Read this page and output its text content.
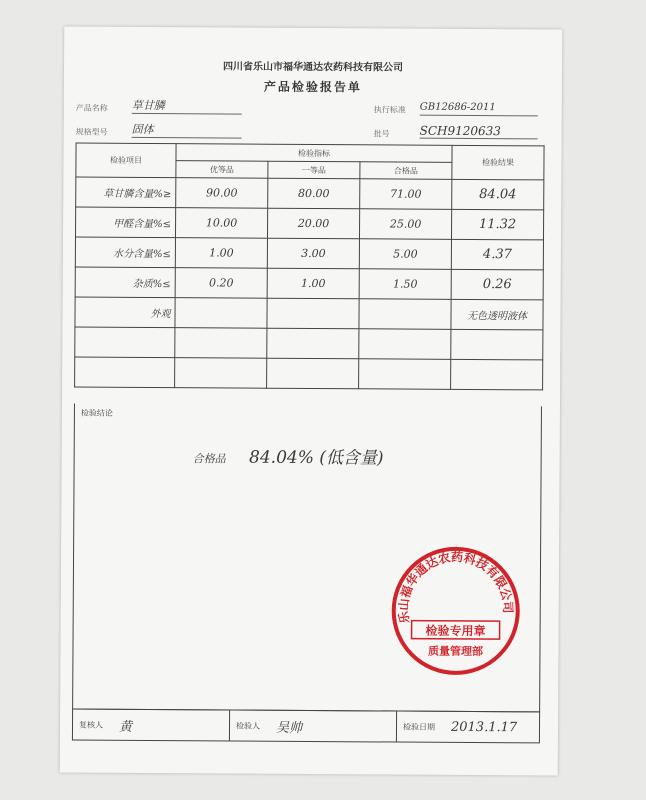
四川省乐山市福华通达农药科技有限公司
产品检验报告单
产品名称 草甘膦	执行标准 GB12686-2011
规格型号 固体	批号 SCH9120633
检验项目	检验指标			检验结果
	优等品	一等品	合格品	
草甘膦含量%≥	90.00	80.00	71.00	84.04
甲醛含量%≤	10.00	20.00	25.00	11.32
水分含量%≤	1.00	3.00	5.00	4.37
杂质%≤	0.20	1.00	1.50	0.26
外观				无色透明液体

检验结论
合格品 84.04% (低含量)
乐山福华通达农药科技有限公司
检验专用章
质量管理部
复核人	黄	检验人	吴帅	检验日期	2013.1.17
